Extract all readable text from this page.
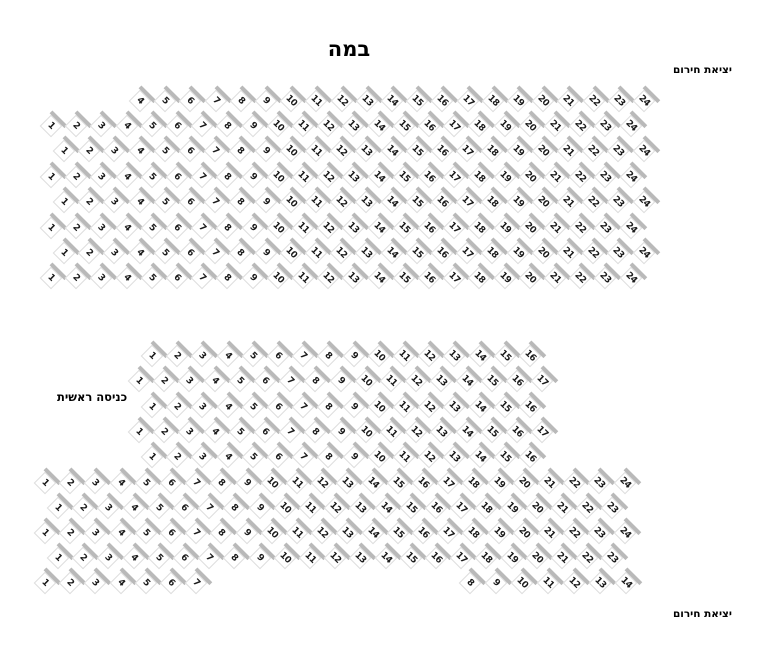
במה
יציאת חירום
4 5 6 7 8 9 10 11 12 13 14 15 16 17 18 19 20 21 22 23 24
1 2 3 4 5 6 7 8 9 10 11 12 13 14 15 16 17 18 19 20 21 22 23 24
1 2 3 4 5 6 7 8 9 10 11 12 13 14 15 16 17 18 19 20 21 22 23 24
1 2 3 4 5 6 7 8 9 10 11 12 13 14 15 16 17 18 19 20 21 22 23 24
1 2 3 4 5 6 7 8 9 10 11 12 13 14 15 16 17 18 19 20 21 22 23 24
1 2 3 4 5 6 7 8 9 10 11 12 13 14 15 16 17 18 19 20 21 22 23 24
1 2 3 4 5 6 7 8 9 10 11 12 13 14 15 16 17 18 19 20 21 22 23 24
1 2 3 4 5 6 7 8 9 10 11 12 13 14 15 16 17 18 19 20 21 22 23 24
כניסה ראשית
1 2 3 4 5 6 7 8 9 10 11 12 13 14 15 16
1 2 3 4 5 6 7 8 9 10 11 12 13 14 15 16 17
1 2 3 4 5 6 7 8 9 10 11 12 13 14 15 16
1 2 3 4 5 6 7 8 9 10 11 12 13 14 15 16 17
1 2 3 4 5 6 7 8 9 10 11 12 13 14 15 16
1 2 3 4 5 6 7 8 9 10 11 12 13 14 15 16 17 18 19 20 21 22 23 24
1 2 3 4 5 6 7 8 9 10 11 12 13 14 15 16 17 18 19 20 21 22 23
1 2 3 4 5 6 7 8 9 10 11 12 13 14 15 16 17 18 19 20 21 22 23 24
1 2 3 4 5 6 7 8 9 10 11 12 13 14 15 16 17 18 19 20 21 22 23
1 2 3 4 5 6 7	8 9 10 11 12 13 14
יציאת חירום
